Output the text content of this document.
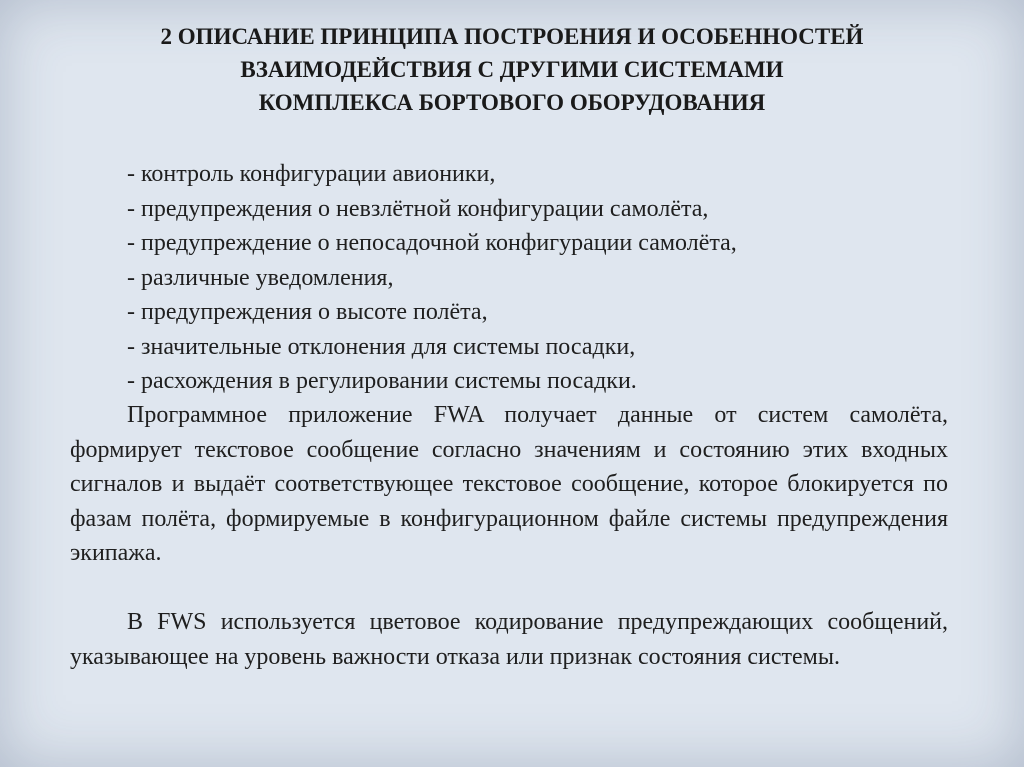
2 ОПИСАНИЕ ПРИНЦИПА ПОСТРОЕНИЯ И ОСОБЕННОСТЕЙ
ВЗАИМОДЕЙСТВИЯ С ДРУГИМИ СИСТЕМАМИ
КОМПЛЕКСА БОРТОВОГО ОБОРУДОВАНИЯ
- контроль конфигурации авионики,
- предупреждения о невзлётной конфигурации самолёта,
- предупреждение о непосадочной конфигурации самолёта,
- различные уведомления,
- предупреждения о высоте полёта,
- значительные отклонения для системы посадки,
- расхождения в регулировании системы посадки.

Программное приложение FWA получает данные от систем самолёта, формирует текстовое сообщение согласно значениям и состоянию этих входных сигналов и выдаёт соответствующее текстовое сообщение, которое блокируется по фазам полёта, формируемые в конфигурационном файле системы предупреждения экипажа.

В FWS используется цветовое кодирование предупреждающих сообщений, указывающее на уровень важности отказа или признак состояния системы.
